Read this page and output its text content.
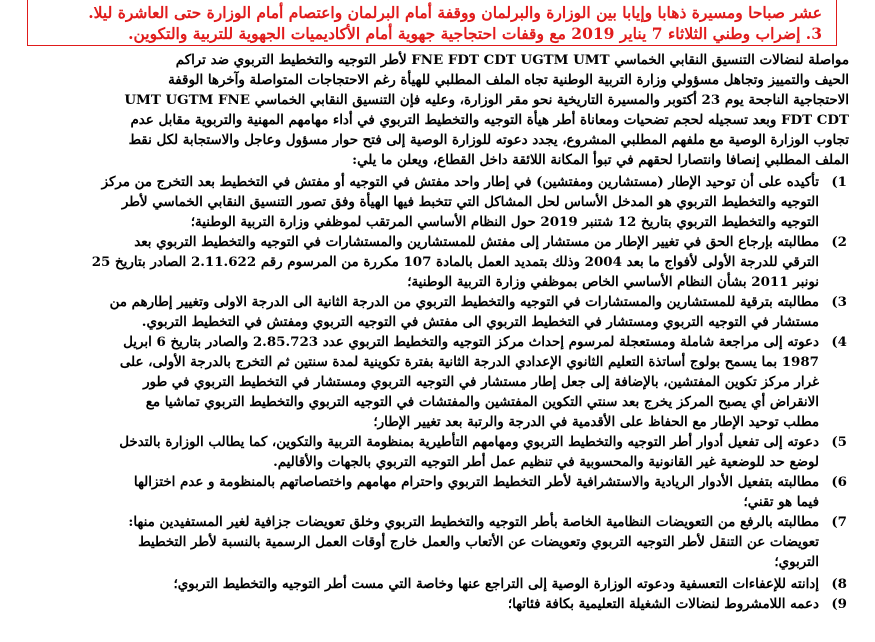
عشر صباحا ومسيرة ذهابا وإيابا بين الوزارة والبرلمان ووقفة أمام البرلمان واعتصام أمام الوزارة حتى العاشرة ليلا.
3. إضراب وطني الثلاثاء 7 يناير 2019 مع وقفات احتجاجية جهوية أمام الأكاديميات الجهوية للتربية والتكوين.

مواصلة لنضالات التنسيق النقابي الخماسي FNE FDT CDT UGTM UMT لأطر التوجيه والتخطيط التربوي ضد تراكم
الحيف والتمييز وتجاهل مسؤولي وزارة التربية الوطنية تجاه الملف المطلبي للهيأة رغم الاحتجاجات المتواصلة وآخرها الوقفة
الاحتجاجية الناجحة يوم 23 أكتوبر والمسيرة التاريخية نحو مقر الوزارة، وعليه فإن التنسيق النقابي الخماسي UMT UGTM FNE
FDT CDT وبعد تسجيله لحجم تضحيات ومعاناة أطر هيأة التوجيه والتخطيط التربوي في أداء مهامهم المهنية والتربوية مقابل عدم
تجاوب الوزارة الوصية مع ملفهم المطلبي المشروع، يجدد دعوته للوزارة الوصية إلى فتح حوار مسؤول وعاجل والاستجابة لكل نقط
الملف المطلبي إنصافا وانتصارا لحقهم في تبوأ المكانة اللائقة داخل القطاع، ويعلن ما يلي:

1)
تأكيده على أن توحيد الإطار (مستشارين ومفتشين) في إطار واحد مفتش في التوجيه أو مفتش في التخطيط بعد التخرج من مركز
التوجيه والتخطيط التربوي هو المدخل الأساس لحل المشاكل التي تتخبط فيها الهيأة وفق تصور التنسيق النقابي الخماسي لأطر
التوجيه والتخطيط التربوي بتاريخ 12 شتنبر 2019 حول النظام الأساسي المرتقب لموظفي وزارة التربية الوطنية؛
2)
مطالبته بإرجاع الحق في تغيير الإطار من مستشار إلى مفتش للمستشارين والمستشارات في التوجيه والتخطيط التربوي بعد
الترقي للدرجة الأولى لأفواج ما بعد 2004 وذلك بتمديد العمل بالمادة 107 مكررة من المرسوم رقم 2.11.622 الصادر بتاريخ 25
نونبر 2011 بشأن النظام الأساسي الخاص بموظفي وزارة التربية الوطنية؛
3)
مطالبته بترقية للمستشارين والمستشارات في التوجيه والتخطيط التربوي من الدرجة الثانية الى الدرجة الاولى وتغيير إطارهم من
مستشار في التوجيه التربوي ومستشار في التخطيط التربوي الى مفتش في التوجيه التربوي ومفتش في التخطيط التربوي.
4)
دعوته إلى مراجعة شاملة ومستعجلة لمرسوم إحداث مركز التوجيه والتخطيط التربوي عدد 2.85.723 والصادر بتاريخ 6 ابريل
1987 بما يسمح بولوج أساتذة التعليم الثانوي الإعدادي الدرجة الثانية بفترة تكوينية لمدة سنتين ثم التخرج بالدرجة الأولى، على
غرار مركز تكوين المفتشين، بالإضافة إلى جعل إطار مستشار في التوجيه التربوي ومستشار في التخطيط التربوي في طور
الانقراض أي يصبح المركز يخرج بعد سنتي التكوين المفتشين والمفتشات في التوجيه التربوي والتخطيط التربوي تماشيا مع
مطلب توحيد الإطار مع الحفاظ على الأقدمية في الدرجة والرتبة بعد تغيير الإطار؛
5)
دعوته إلى تفعيل أدوار أطر التوجيه والتخطيط التربوي ومهامهم التأطيرية بمنظومة التربية والتكوين، كما يطالب الوزارة بالتدخل
لوضع حد للوضعية غير القانونية والمحسوبية في تنظيم عمل أطر التوجيه التربوي بالجهات والأقاليم.
6)
مطالبته بتفعيل الأدوار الريادية والاستشرافية لأطر التخطيط التربوي واحترام مهامهم واختصاصاتهم بالمنظومة و عدم اختزالها
فيما هو تقني؛
7)
مطالبته بالرفع من التعويضات النظامية الخاصة بأطر التوجيه والتخطيط التربوي وخلق تعويضات جزافية لغير المستفيدين منها:
تعويضات عن التنقل لأطر التوجيه التربوي وتعويضات عن الأتعاب والعمل خارج أوقات العمل الرسمية بالنسبة لأطر التخطيط
التربوي؛
8)
إدانته للإعفاءات التعسفية ودعوته الوزارة الوصية إلى التراجع عنها وخاصة التي مست أطر التوجيه والتخطيط التربوي؛
9)
دعمه اللامشروط لنضالات الشغيلة التعليمية بكافة فئاتها؛
